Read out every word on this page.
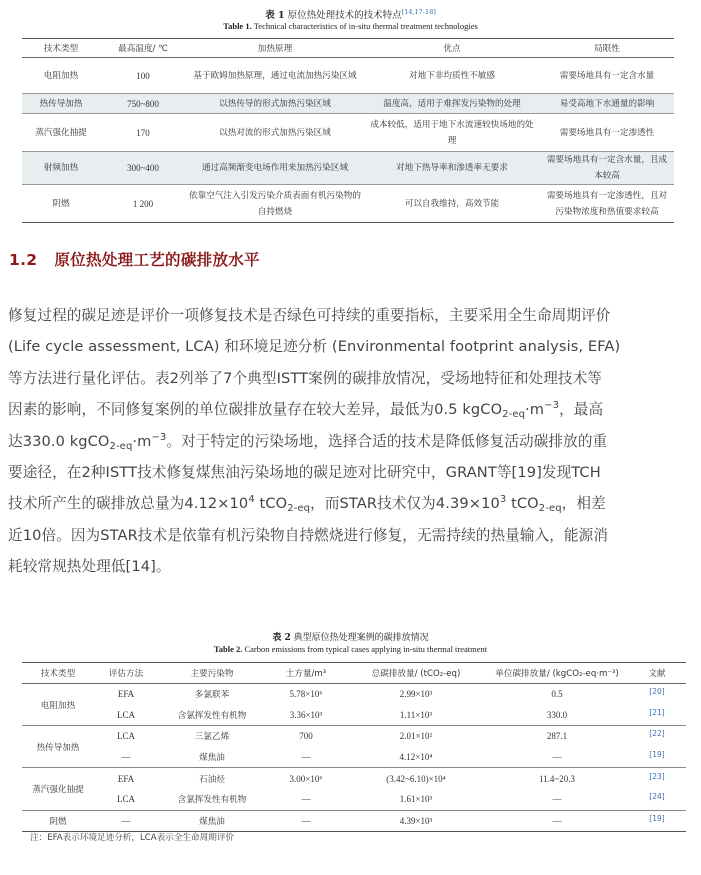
表 1 原位热处理技术的技术特点[14,17-18]
Table 1. Technical characteristics of in-situ thermal treatment technologies
技术类型	最高温度/ ℃	加热原理	优点	局限性
电阻加热	100	基于欧姆加热原理，通过电流加热污染区域	对地下非均质性不敏感	需要场地具有一定含水量
热传导加热	750~800	以热传导的形式加热污染区域	温度高，适用于难挥发污染物的处理	易受高地下水通量的影响
蒸汽强化抽提	170	以热对流的形式加热污染区域	成本较低，适用于地下水流速较快场地的处理	需要场地具有一定渗透性
射频加热	300~400	通过高频渐变电场作用来加热污染区域	对地下热导率和渗透率无要求	需要场地具有一定含水量，且成本较高
阴燃	1 200	依靠空气注入引发污染介质表面有机污染物的自持燃烧	可以自我维持，高效节能	需要场地具有一定渗透性，且对污染物浓度和热值要求较高
1.2 原位热处理工艺的碳排放水平
修复过程的碳足迹是评价一项修复技术是否绿色可持续的重要指标，主要采用全生命周期评价
(Life cycle assessment, LCA) 和环境足迹分析 (Environmental footprint analysis, EFA)
等方法进行量化评估。表2列举了7个典型ISTT案例的碳排放情况，受场地特征和处理技术等
因素的影响，不同修复案例的单位碳排放量存在较大差异，最低为0.5 $kgCO_{2-eq}\cdot m^{-3}$，最高
达330.0 $kgCO_{2-eq}\cdot m^{-3}$。对于特定的污染场地，选择合适的技术是降低修复活动碳排放的重
要途径，在2种ISTT技术修复煤焦油污染场地的碳足迹对比研究中，GRANT等[19]发现TCH
技术所产生的碳排放总量为$4.12\times 10^4$ tCO$_{2-eq}$，而STAR技术仅为$4.39\times 10^3$ tCO$_{2-eq}$，相差
近10倍。因为STAR技术是依靠有机污染物自持燃烧进行修复，无需持续的热量输入，能源消
耗较常规热处理低[14]。
表 2 典型原位热处理案例的碳排放情况
Table 2. Carbon emissions from typical cases applying in-situ thermal treatment
技术类型	评估方法	主要污染物	土方量/m³	总碳排放量/ (tCO₂-eq)	单位碳排放量/ (kgCO₂-eq·m⁻³)	文献
电阻加热	EFA	多氯联苯	5.78×10⁶	2.99×10³	0.5	[20]
	LCA	含氯挥发性有机物	3.36×10³	1.11×10³	330.0	[21]
热传导加热	LCA	三氯乙烯	700	2.01×10²	287.1	[22]
	—	煤焦油	—	4.12×10⁴	—	[19]
蒸汽强化抽提	EFA	石油烃	3.00×10⁶	(3.42~6.10)×10⁴	11.4~20.3	[23]
	LCA	含氯挥发性有机物	—	1.61×10³	—	[24]
阴燃	—	煤焦油	—	4.39×10³	—	[19]
注：EFA表示环境足迹分析，LCA表示全生命周期评价
